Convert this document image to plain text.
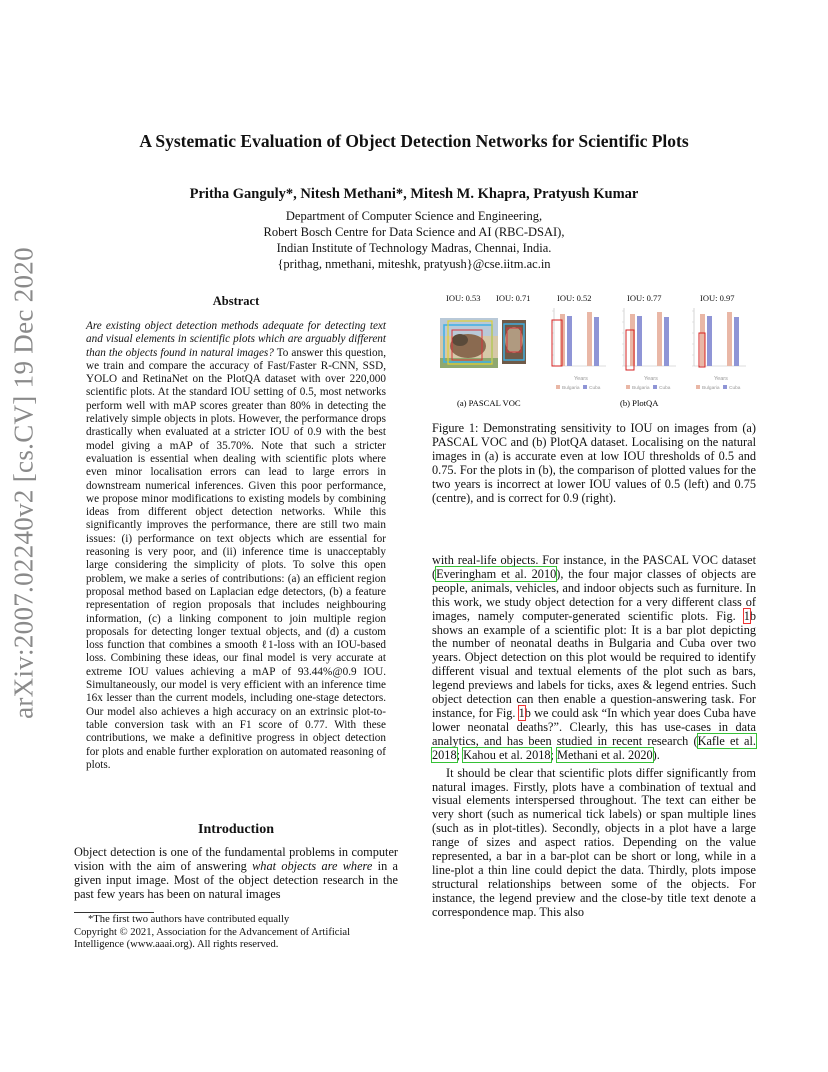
A Systematic Evaluation of Object Detection Networks for Scientific Plots
Pritha Ganguly*, Nitesh Methani*, Mitesh M. Khapra, Pratyush Kumar
Department of Computer Science and Engineering,
Robert Bosch Centre for Data Science and AI (RBC-DSAI),
Indian Institute of Technology Madras, Chennai, India.
{prithag, nmethani, miteshk, pratyush}@cse.iitm.ac.in
arXiv:2007.02240v2 [cs.CV] 19 Dec 2020	Abstract
Are existing object detection methods adequate for detecting text and visual elements in scientific plots which are arguably different than the objects found in natural images? To answer this question, we train and compare the accuracy of Fast/Faster R-CNN, SSD, YOLO and RetinaNet on the PlotQA dataset with over 220,000 scientific plots. At the standard IOU setting of 0.5, most networks perform well with mAP scores greater than 80% in detecting the relatively simple objects in plots. However, the performance drops drastically when evaluated at a stricter IOU of 0.9 with the best model giving a mAP of 35.70%. Note that such a stricter evaluation is essential when dealing with scientific plots where even minor localisation errors can lead to large errors in downstream numerical inferences. Given this poor performance, we propose minor modifications to existing models by combining ideas from different object detection networks. While this significantly improves the performance, there are still two main issues: (i) performance on text objects which are essential for reasoning is very poor, and (ii) inference time is unacceptably large considering the simplicity of plots. To solve this open problem, we make a series of contributions: (a) an efficient region proposal method based on Laplacian edge detectors, (b) a feature representation of region proposals that includes neighbouring information, (c) a linking component to join multiple region proposals for detecting longer textual objects, and (d) a custom loss function that combines a smooth ℓ1-loss with an IOU-based loss. Combining these ideas, our final model is very accurate at extreme IOU values achieving a mAP of 93.44%@0.9 IOU. Simultaneously, our model is very efficient with an inference time 16x lesser than the current models, including one-stage detectors. Our model also achieves a high accuracy on an extrinsic plot-to-table conversion task with an F1 score of 0.77. With these contributions, we make a definitive progress in object detection for plots and enable further exploration on automated reasoning of plots.
Introduction
Object detection is one of the fundamental problems in computer vision with the aim of answering what objects are where in a given input image. Most of the object detection research in the past few years has been on natural images
*The first two authors have contributed equally
Copyright © 2021, Association for the Advancement of Artificial Intelligence (www.aaai.org). All rights reserved.
IOU: 0.53 IOU: 0.71	IOU: 0.52	IOU: 0.77	IOU: 0.97
(a) PASCAL VOC
Years
Bulgaria Cuba
Years
Bulgaria Cuba
Years
Bulgaria Cuba
(b) PlotQA
Figure 1: Demonstrating sensitivity to IOU on images from (a) PASCAL VOC and (b) PlotQA dataset. Localising on the natural images in (a) is accurate even at low IOU thresholds of 0.5 and 0.75. For the plots in (b), the comparison of plotted values for the two years is incorrect at lower IOU values of 0.5 (left) and 0.75 (centre), and is correct for 0.9 (right).

with real-life objects. For instance, in the PASCAL VOC dataset (Everingham et al. 2010), the four major classes of objects are people, animals, vehicles, and indoor objects such as furniture. In this work, we study object detection for a very different class of images, namely computer-generated scientific plots. Fig. 1b shows an example of a scientific plot: It is a bar plot depicting the number of neonatal deaths in Bulgaria and Cuba over two years. Object detection on this plot would be required to identify different visual and textual elements of the plot such as bars, legend previews and labels for ticks, axes & legend entries. Such object detection can then enable a question-answering task. For instance, for Fig. 1b we could ask “In which year does Cuba have lower neonatal deaths?”. Clearly, this has use-cases in data analytics, and has been studied in recent research (Kafle et al. 2018; Kahou et al. 2018; Methani et al. 2020).

It should be clear that scientific plots differ significantly from natural images. Firstly, plots have a combination of textual and visual elements interspersed throughout. The text can either be very short (such as numerical tick labels) or span multiple lines (such as in plot-titles). Secondly, objects in a plot have a large range of sizes and aspect ratios. Depending on the value represented, a bar in a bar-plot can be short or long, while in a line-plot a thin line could depict the data. Thirdly, plots impose structural relationships between some of the objects. For instance, the legend preview and the close-by title text denote a correspondence map. This also
